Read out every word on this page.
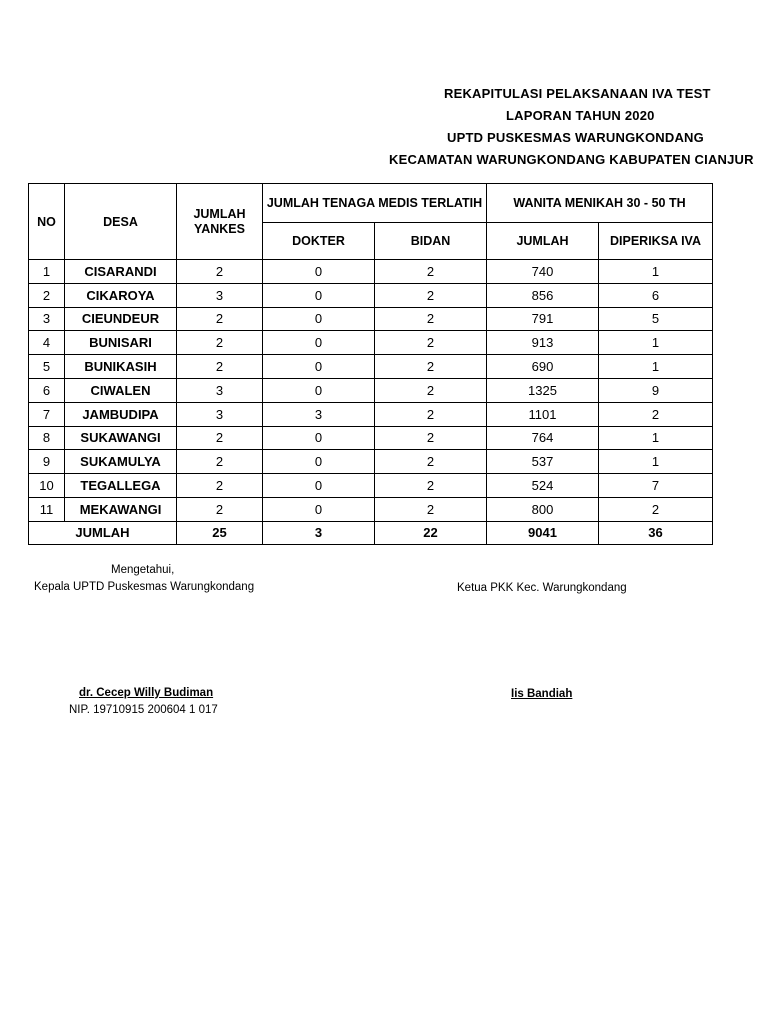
REKAPITULASI PELAKSANAAN IVA TEST
LAPORAN TAHUN 2020
UPTD PUSKESMAS WARUNGKONDANG
KECAMATAN WARUNGKONDANG KABUPATEN CIANJUR
NO	DESA	JUMLAH YANKES	JUMLAH TENAGA MEDIS TERLATIH		WANITA MENIKAH 30 - 50 TH	
			DOKTER	BIDAN	JUMLAH	DIPERIKSA IVA
1	CISARANDI	2	0	2	740	1
2	CIKAROYA	3	0	2	856	6
3	CIEUNDEUR	2	0	2	791	5
4	BUNISARI	2	0	2	913	1
5	BUNIKASIH	2	0	2	690	1
6	CIWALEN	3	0	2	1325	9
7	JAMBUDIPA	3	3	2	1101	2
8	SUKAWANGI	2	0	2	764	1
9	SUKAMULYA	2	0	2	537	1
10	TEGALLEGA	2	0	2	524	7
11	MEKAWANGI	2	0	2	800	2
JUMLAH		25	3	22	9041	36
Mengetahui,
Kepala UPTD Puskesmas Warungkondang	Ketua PKK Kec. Warungkondang
dr. Cecep Willy Budiman	Iis Bandiah
NIP. 19710915 200604 1 017
